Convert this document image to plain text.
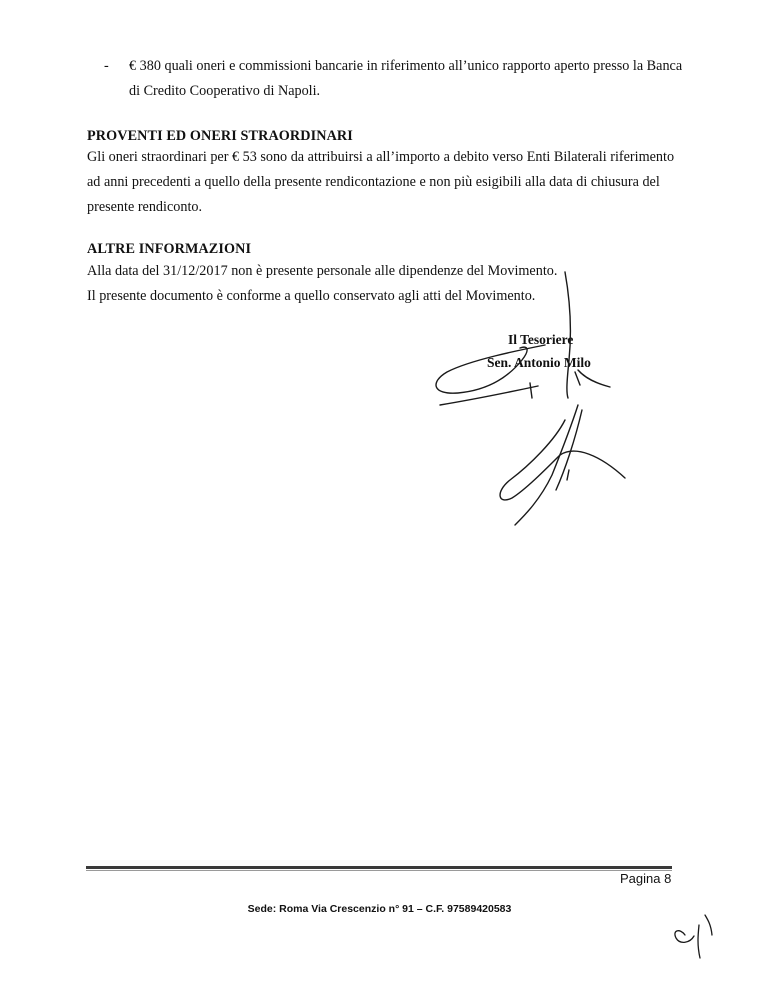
- € 380 quali oneri e commissioni bancarie in riferimento all’unico rapporto aperto presso la Banca di Credito Cooperativo di Napoli.
PROVENTI ED ONERI STRAORDINARI
Gli oneri straordinari per € 53 sono da attribuirsi a all’importo a debito verso Enti Bilaterali riferimento ad anni precedenti a quello della presente rendicontazione e non più esigibili alla data di chiusura del presente rendiconto.
ALTRE INFORMAZIONI
Alla data del 31/12/2017 non è presente personale alle dipendenze del Movimento.
Il presente documento è conforme a quello conservato agli atti del Movimento.
Il Tesoriere
Sen. Antonio Milo
Pagina 8
Sede: Roma Via Crescenzio n° 91 – C.F. 97589420583
